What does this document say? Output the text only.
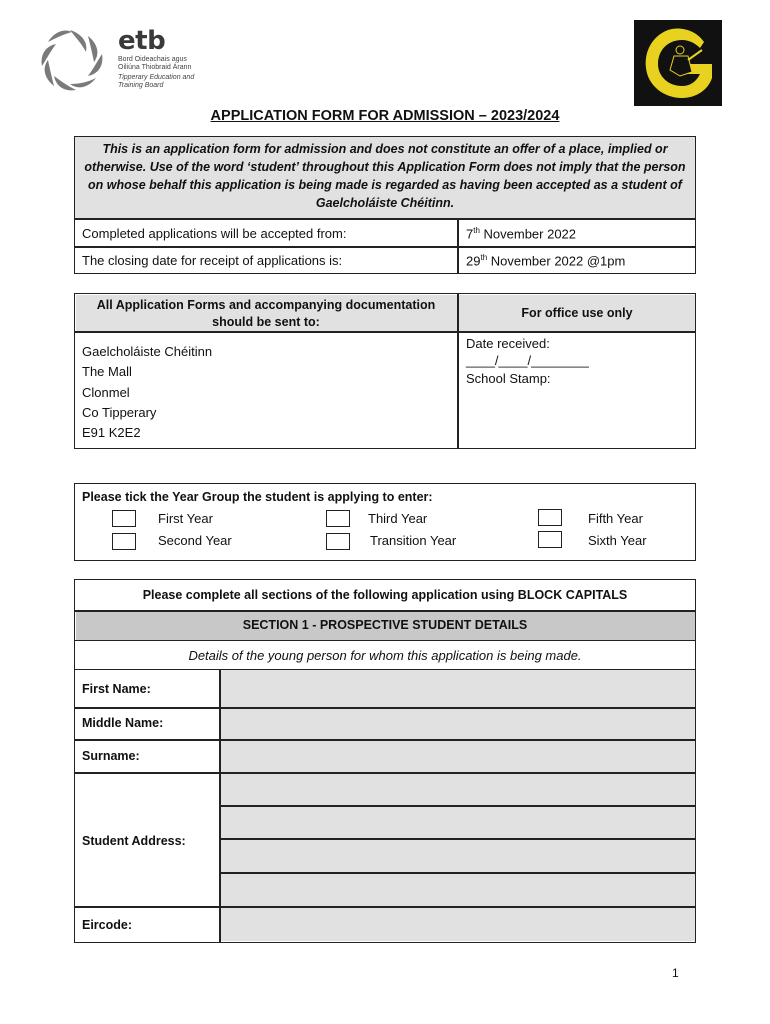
etb
Bord Oideachais agus
Oiliúna Thiobraid Árann
Tipperary Education and
Training Board
APPLICATION FORM FOR ADMISSION – 2023/2024
This is an application form for admission and does not constitute an offer of a place, implied or otherwise. Use of the word ‘student’ throughout this Application Form does not imply that the person on whose behalf this application is being made is regarded as having been accepted as a student of Gaelcholáiste Chéitinn.
Completed applications will be accepted from:	7th November 2022
The closing date for receipt of applications is:	29th November 2022 @1pm
All Application Forms and accompanying documentation should be sent to:
For office use only
Gaelcholáiste Chéitinn
The Mall
Clonmel
Co Tipperary
E91 K2E2
Date received:
____/____/________
School Stamp:
Please tick the Year Group the student is applying to enter:
First Year
Second Year
Third Year
Transition Year
Fifth Year
Sixth Year
Please complete all sections of the following application using BLOCK CAPITALS
SECTION 1 - PROSPECTIVE STUDENT DETAILS
Details of the young person for whom this application is being made.
First Name:
Middle Name:
Surname:
Student Address:
Eircode:
1
